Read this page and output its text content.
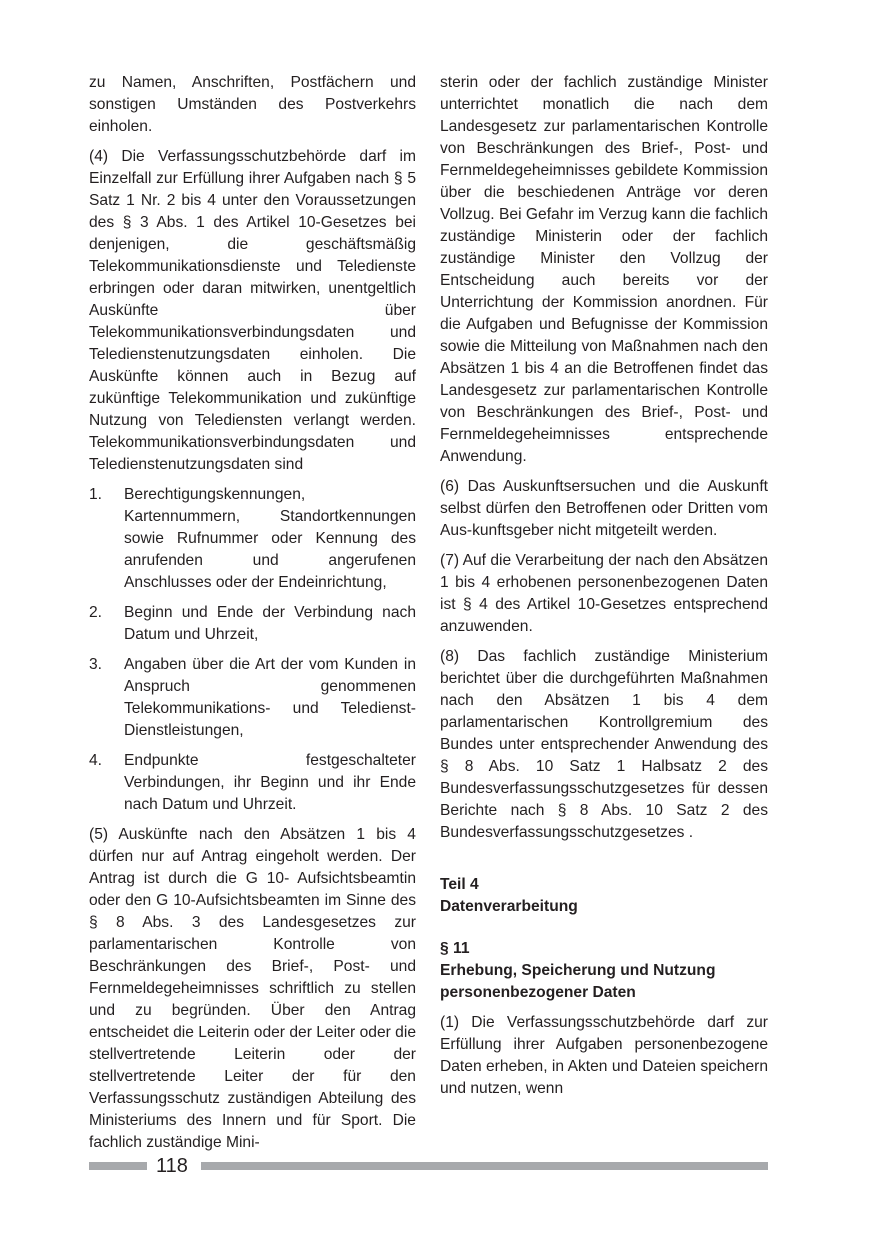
zu Namen, Anschriften, Postfächern und sonstigen Umständen des Postverkehrs einholen.

(4) Die Verfassungsschutzbehörde darf im Einzelfall zur Erfüllung ihrer Aufgaben nach § 5 Satz 1 Nr. 2 bis 4 unter den Voraussetzungen des § 3 Abs. 1 des Artikel 10-Gesetzes bei denjenigen, die geschäftsmäßig Telekommunikationsdienste und Teledienste erbringen oder daran mitwirken, unentgeltlich Auskünfte über Telekommunikationsverbindungsdaten und Teledienstenutzungsdaten einholen. Die Auskünfte können auch in Bezug auf zukünftige Telekommunikation und zukünftige Nutzung von Telediensten verlangt werden. Telekommunikationsverbindungsdaten und Teledienstenutzungsdaten sind

1.	Berechtigungskennungen, Kartennummern, Standortkennungen sowie Rufnummer oder Kennung des anrufenden und angerufenen Anschlusses oder der Endeinrichtung,
2.	Beginn und Ende der Verbindung nach Datum und Uhrzeit,
3.	Angaben über die Art der vom Kunden in Anspruch genommenen Telekommunikations- und Teledienst- Dienstleistungen,
4.	Endpunkte festgeschalteter Verbindungen, ihr Beginn und ihr Ende nach Datum und Uhrzeit.

(5) Auskünfte nach den Absätzen 1 bis 4 dürfen nur auf Antrag eingeholt werden. Der Antrag ist durch die G 10- Aufsichtsbeamtin oder den G 10-Aufsichtsbeamten im Sinne des § 8 Abs. 3 des Landesgesetzes zur parlamentarischen Kontrolle von Beschränkungen des Brief-, Post- und Fernmeldegeheimnisses schriftlich zu stellen und zu begründen. Über den Antrag entscheidet die Leiterin oder der Leiter oder die stellvertretende Leiterin oder der stellvertretende Leiter der für den Verfassungsschutz zuständigen Abteilung des Ministeriums des Innern und für Sport. Die fachlich zuständige Mini-

sterin oder der fachlich zuständige Minister unterrichtet monatlich die nach dem Landesgesetz zur parlamentarischen Kontrolle von Beschränkungen des Brief-, Post- und Fernmeldegeheimnisses gebildete Kommission über die beschiedenen Anträge vor deren Vollzug. Bei Gefahr im Verzug kann die fachlich zuständige Ministerin oder der fachlich zuständige Minister den Vollzug der Entscheidung auch bereits vor der Unterrichtung der Kommission anordnen. Für die Aufgaben und Befugnisse der Kommission sowie die Mitteilung von Maßnahmen nach den Absätzen 1 bis 4 an die Betroffenen findet das Landesgesetz zur parlamentarischen Kontrolle von Beschränkungen des Brief-, Post- und Fernmeldegeheimnisses entsprechende Anwendung.

(6) Das Auskunftsersuchen und die Auskunft selbst dürfen den Betroffenen oder Dritten vom Aus-kunftsgeber nicht mitgeteilt werden.

(7) Auf die Verarbeitung der nach den Absätzen 1 bis 4 erhobenen personenbezogenen Daten ist § 4 des Artikel 10-Gesetzes entsprechend anzuwenden.

(8) Das fachlich zuständige Ministerium berichtet über die durchgeführten Maßnahmen nach den Absätzen 1 bis 4 dem parlamentarischen Kontrollgremium des Bundes unter entsprechender Anwendung des § 8 Abs. 10 Satz 1 Halbsatz 2 des Bundesverfassungsschutzgesetzes für dessen Berichte nach § 8 Abs. 10 Satz 2 des Bundesverfassungsschutzgesetzes .

Teil 4

Datenverarbeitung

§ 11

Erhebung, Speicherung und Nutzung personenbezogener Daten

(1) Die Verfassungsschutzbehörde darf zur Erfüllung ihrer Aufgaben personenbezogene Daten erheben, in Akten und Dateien speichern und nutzen, wenn

118
